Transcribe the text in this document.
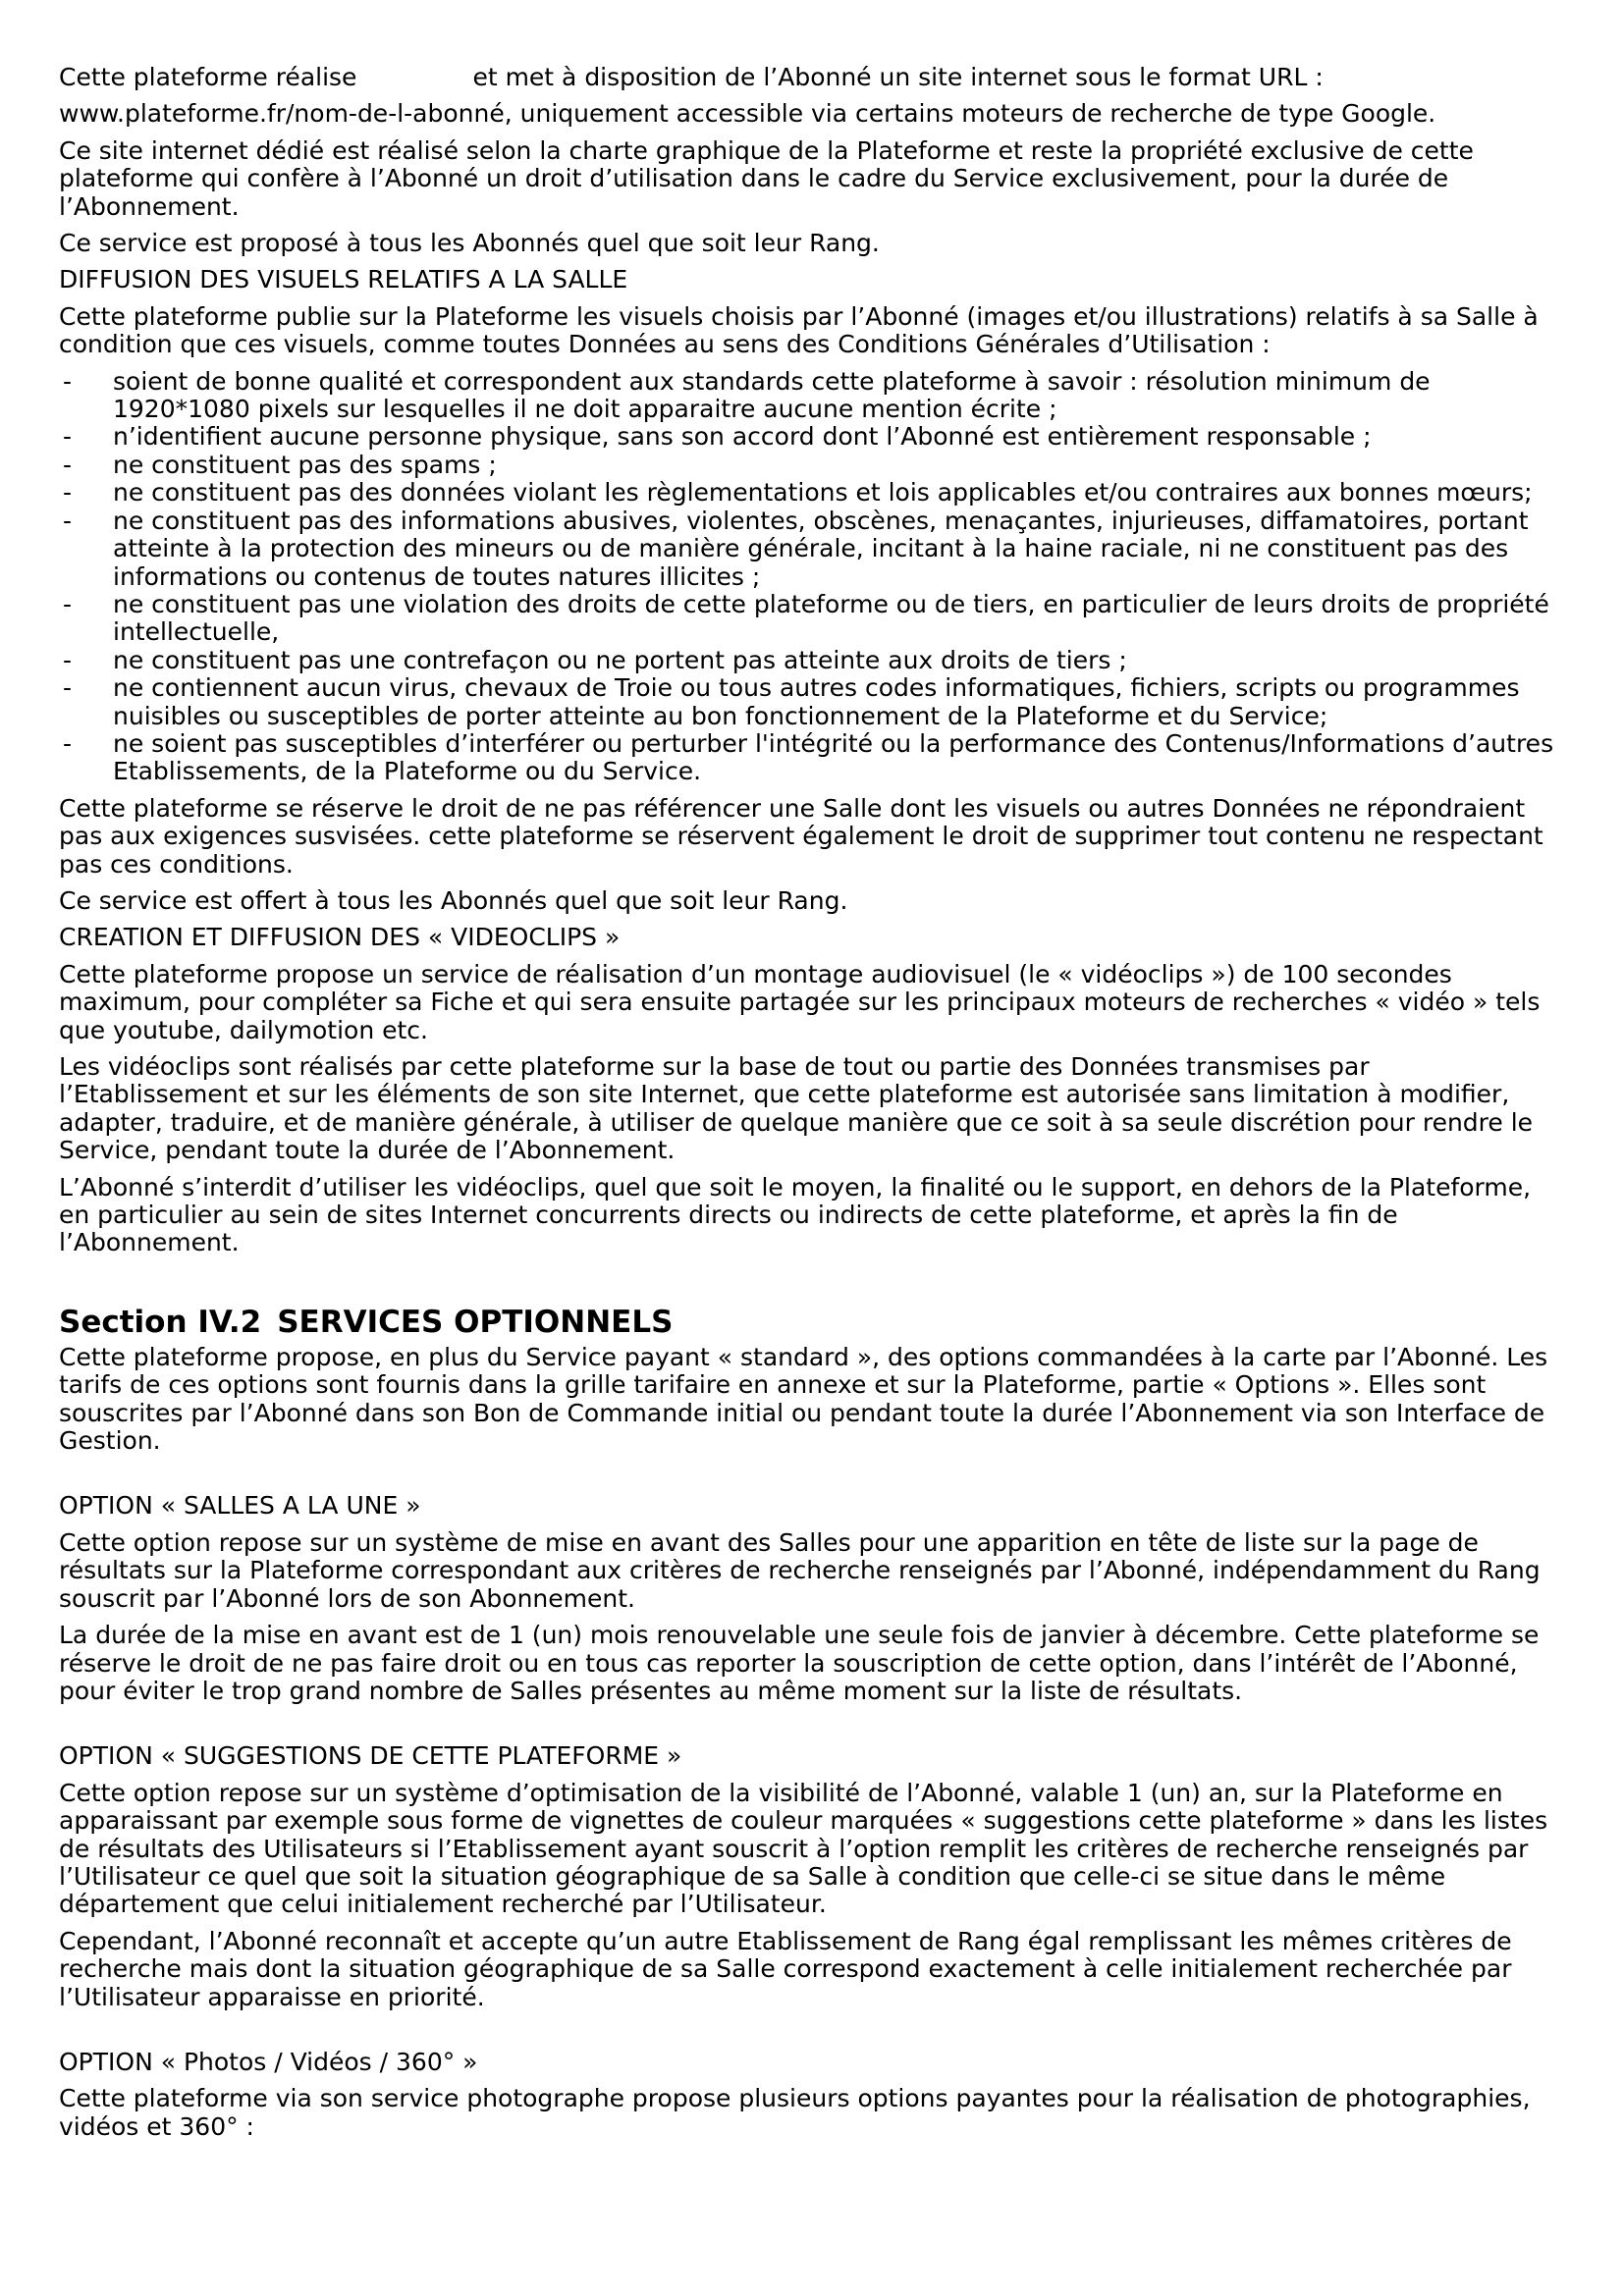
Cette plateforme réalise	et met à disposition de l’Abonné un site internet sous le format URL :

www.plateforme.fr/nom-de-l-abonné, uniquement accessible via certains moteurs de recherche de type Google.

Ce site internet dédié est réalisé selon la charte graphique de la Plateforme et reste la propriété exclusive de cette plateforme qui confère à l’Abonné un droit d’utilisation dans le cadre du Service exclusivement, pour la durée de l’Abonnement.

Ce service est proposé à tous les Abonnés quel que soit leur Rang.

DIFFUSION DES VISUELS RELATIFS A LA SALLE

Cette plateforme publie sur la Plateforme les visuels choisis par l’Abonné (images et/ou illustrations) relatifs à sa Salle à condition que ces visuels, comme toutes Données au sens des Conditions Générales d’Utilisation :

-	soient de bonne qualité et correspondent aux standards cette plateforme à savoir : résolution minimum de 1920*1080 pixels sur lesquelles il ne doit apparaitre aucune mention écrite ;
-	n’identifient aucune personne physique, sans son accord dont l’Abonné est entièrement responsable ;
-	ne constituent pas des spams ;
-	ne constituent pas des données violant les règlementations et lois applicables et/ou contraires aux bonnes mœurs;
-	ne constituent pas des informations abusives, violentes, obscènes, menaçantes, injurieuses, diffamatoires, portant atteinte à la protection des mineurs ou de manière générale, incitant à la haine raciale, ni ne constituent pas des informations ou contenus de toutes natures illicites ;
-	ne constituent pas une violation des droits de cette plateforme ou de tiers, en particulier de leurs droits de propriété intellectuelle,
-	ne constituent pas une contrefaçon ou ne portent pas atteinte aux droits de tiers ;
-	ne contiennent aucun virus, chevaux de Troie ou tous autres codes informatiques, fichiers, scripts ou programmes nuisibles ou susceptibles de porter atteinte au bon fonctionnement de la Plateforme et du Service;
-	ne soient pas susceptibles d’interférer ou perturber l'intégrité ou la performance des Contenus/Informations d’autres Etablissements, de la Plateforme ou du Service.

Cette plateforme se réserve le droit de ne pas référencer une Salle dont les visuels ou autres Données ne répondraient pas aux exigences susvisées. cette plateforme se réservent également le droit de supprimer tout contenu ne respectant pas ces conditions.

Ce service est offert à tous les Abonnés quel que soit leur Rang.

CREATION ET DIFFUSION DES « VIDEOCLIPS »

Cette plateforme propose un service de réalisation d’un montage audiovisuel (le « vidéoclips ») de 100 secondes maximum, pour compléter sa Fiche et qui sera ensuite partagée sur les principaux moteurs de recherches « vidéo » tels que youtube, dailymotion etc.

Les vidéoclips sont réalisés par cette plateforme sur la base de tout ou partie des Données transmises par l’Etablissement et sur les éléments de son site Internet, que cette plateforme est autorisée sans limitation à modifier, adapter, traduire, et de manière générale, à utiliser de quelque manière que ce soit à sa seule discrétion pour rendre le Service, pendant toute la durée de l’Abonnement.

L’Abonné s’interdit d’utiliser les vidéoclips, quel que soit le moyen, la finalité ou le support, en dehors de la Plateforme, en particulier au sein de sites Internet concurrents directs ou indirects de cette plateforme, et après la fin de l’Abonnement.

Section IV.2 SERVICES OPTIONNELS

Cette plateforme propose, en plus du Service payant « standard », des options commandées à la carte par l’Abonné. Les tarifs de ces options sont fournis dans la grille tarifaire en annexe et sur la Plateforme, partie « Options ». Elles sont souscrites par l’Abonné dans son Bon de Commande initial ou pendant toute la durée l’Abonnement via son Interface de Gestion.

OPTION « SALLES A LA UNE »

Cette option repose sur un système de mise en avant des Salles pour une apparition en tête de liste sur la page de résultats sur la Plateforme correspondant aux critères de recherche renseignés par l’Abonné, indépendamment du Rang souscrit par l’Abonné lors de son Abonnement.

La durée de la mise en avant est de 1 (un) mois renouvelable une seule fois de janvier à décembre. Cette plateforme se réserve le droit de ne pas faire droit ou en tous cas reporter la souscription de cette option, dans l’intérêt de l’Abonné, pour éviter le trop grand nombre de Salles présentes au même moment sur la liste de résultats.

OPTION « SUGGESTIONS DE CETTE PLATEFORME »

Cette option repose sur un système d’optimisation de la visibilité de l’Abonné, valable 1 (un) an, sur la Plateforme en apparaissant par exemple sous forme de vignettes de couleur marquées « suggestions cette plateforme » dans les listes de résultats des Utilisateurs si l’Etablissement ayant souscrit à l’option remplit les critères de recherche renseignés par l’Utilisateur ce quel que soit la situation géographique de sa Salle à condition que celle-ci se situe dans le même département que celui initialement recherché par l’Utilisateur.

Cependant, l’Abonné reconnaît et accepte qu’un autre Etablissement de Rang égal remplissant les mêmes critères de recherche mais dont la situation géographique de sa Salle correspond exactement à celle initialement recherchée par l’Utilisateur apparaisse en priorité.

OPTION « Photos / Vidéos / 360° »

Cette plateforme via son service photographe propose plusieurs options payantes pour la réalisation de photographies, vidéos et 360° :
